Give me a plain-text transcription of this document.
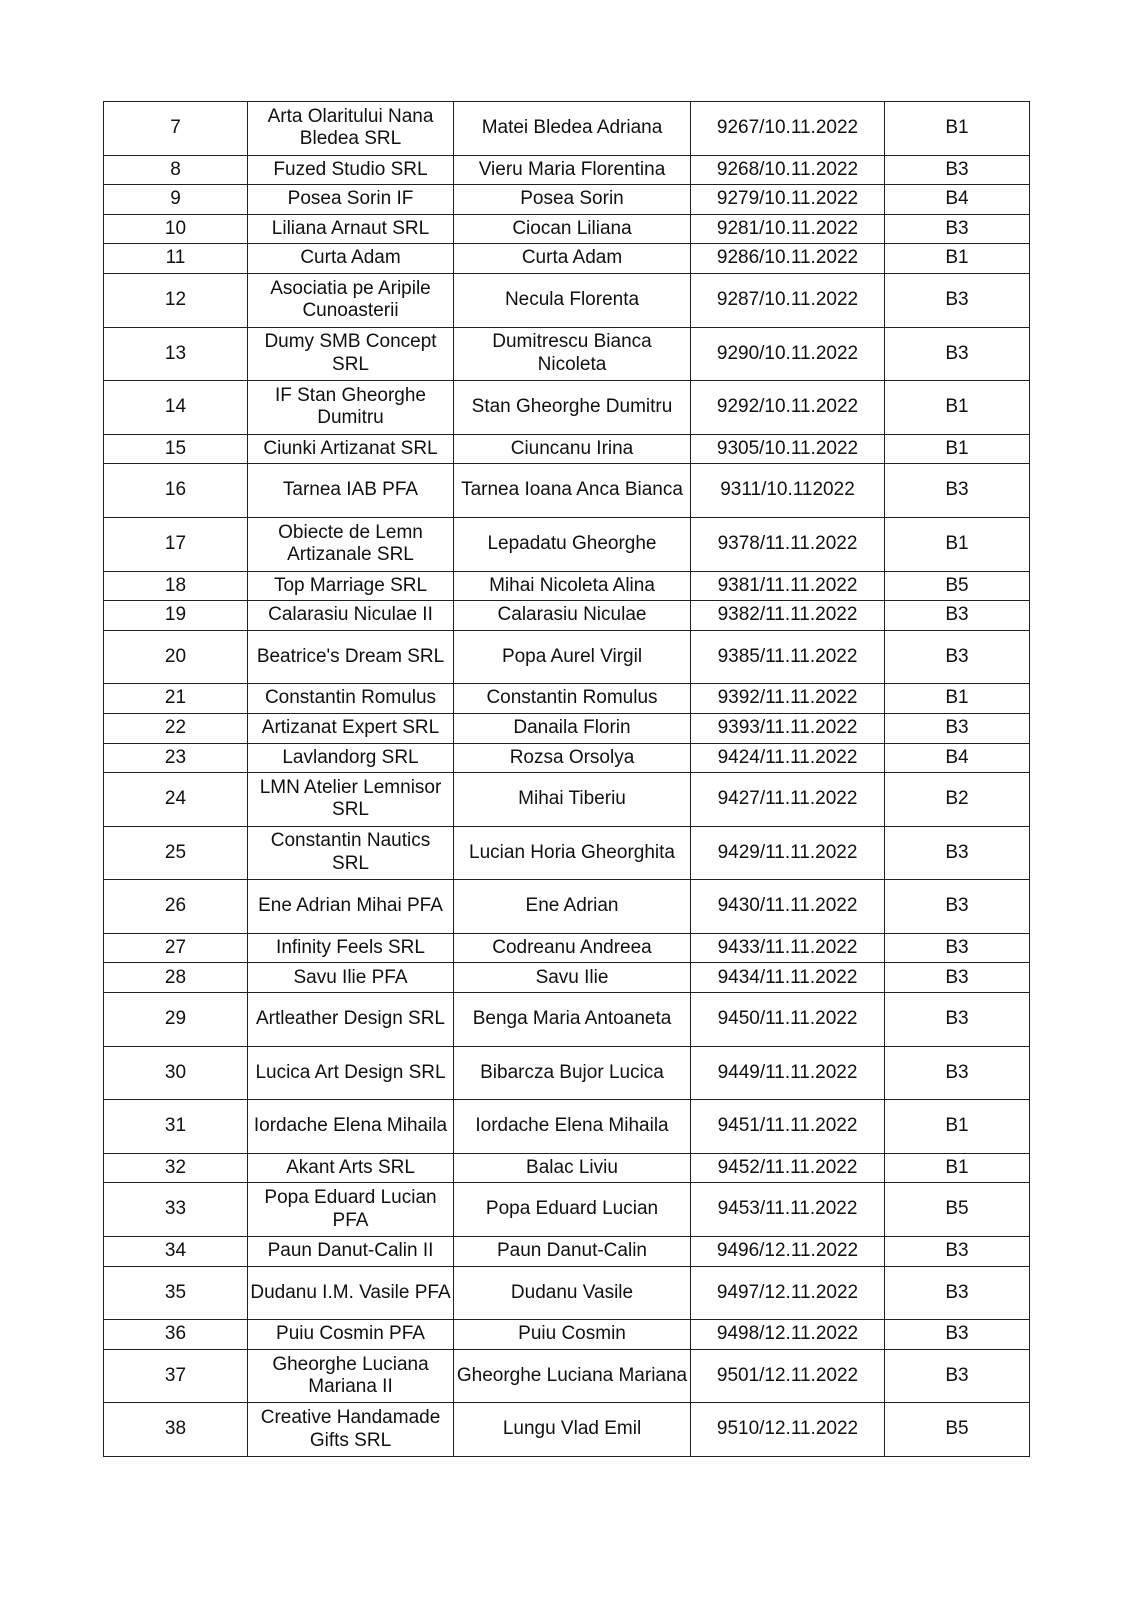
7	Arta Olaritului Nana Bledea SRL	Matei Bledea Adriana	9267/10.11.2022	B1
8	Fuzed Studio SRL	Vieru Maria Florentina	9268/10.11.2022	B3
9	Posea Sorin IF	Posea Sorin	9279/10.11.2022	B4
10	Liliana Arnaut SRL	Ciocan Liliana	9281/10.11.2022	B3
11	Curta Adam	Curta Adam	9286/10.11.2022	B1
12	Asociatia pe Aripile Cunoasterii	Necula Florenta	9287/10.11.2022	B3
13	Dumy SMB Concept SRL	Dumitrescu Bianca Nicoleta	9290/10.11.2022	B3
14	IF Stan Gheorghe Dumitru	Stan Gheorghe Dumitru	9292/10.11.2022	B1
15	Ciunki Artizanat SRL	Ciuncanu Irina	9305/10.11.2022	B1
16	Tarnea IAB PFA	Tarnea Ioana Anca Bianca	9311/10.112022	B3
17	Obiecte de Lemn Artizanale SRL	Lepadatu Gheorghe	9378/11.11.2022	B1
18	Top Marriage SRL	Mihai Nicoleta Alina	9381/11.11.2022	B5
19	Calarasiu Niculae II	Calarasiu Niculae	9382/11.11.2022	B3
20	Beatrice's Dream SRL	Popa Aurel Virgil	9385/11.11.2022	B3
21	Constantin Romulus	Constantin Romulus	9392/11.11.2022	B1
22	Artizanat Expert SRL	Danaila Florin	9393/11.11.2022	B3
23	Lavlandorg SRL	Rozsa Orsolya	9424/11.11.2022	B4
24	LMN Atelier Lemnisor SRL	Mihai Tiberiu	9427/11.11.2022	B2
25	Constantin Nautics SRL	Lucian Horia Gheorghita	9429/11.11.2022	B3
26	Ene Adrian Mihai PFA	Ene Adrian	9430/11.11.2022	B3
27	Infinity Feels SRL	Codreanu Andreea	9433/11.11.2022	B3
28	Savu Ilie PFA	Savu Ilie	9434/11.11.2022	B3
29	Artleather Design SRL	Benga Maria Antoaneta	9450/11.11.2022	B3
30	Lucica Art Design SRL	Bibarcza Bujor Lucica	9449/11.11.2022	B3
31	Iordache Elena Mihaila	Iordache Elena Mihaila	9451/11.11.2022	B1
32	Akant Arts SRL	Balac Liviu	9452/11.11.2022	B1
33	Popa Eduard Lucian PFA	Popa Eduard Lucian	9453/11.11.2022	B5
34	Paun Danut-Calin II	Paun Danut-Calin	9496/12.11.2022	B3
35	Dudanu I.M. Vasile PFA	Dudanu Vasile	9497/12.11.2022	B3
36	Puiu Cosmin PFA	Puiu Cosmin	9498/12.11.2022	B3
37	Gheorghe Luciana Mariana II	Gheorghe Luciana Mariana	9501/12.11.2022	B3
38	Creative Handamade Gifts SRL	Lungu Vlad Emil	9510/12.11.2022	B5
